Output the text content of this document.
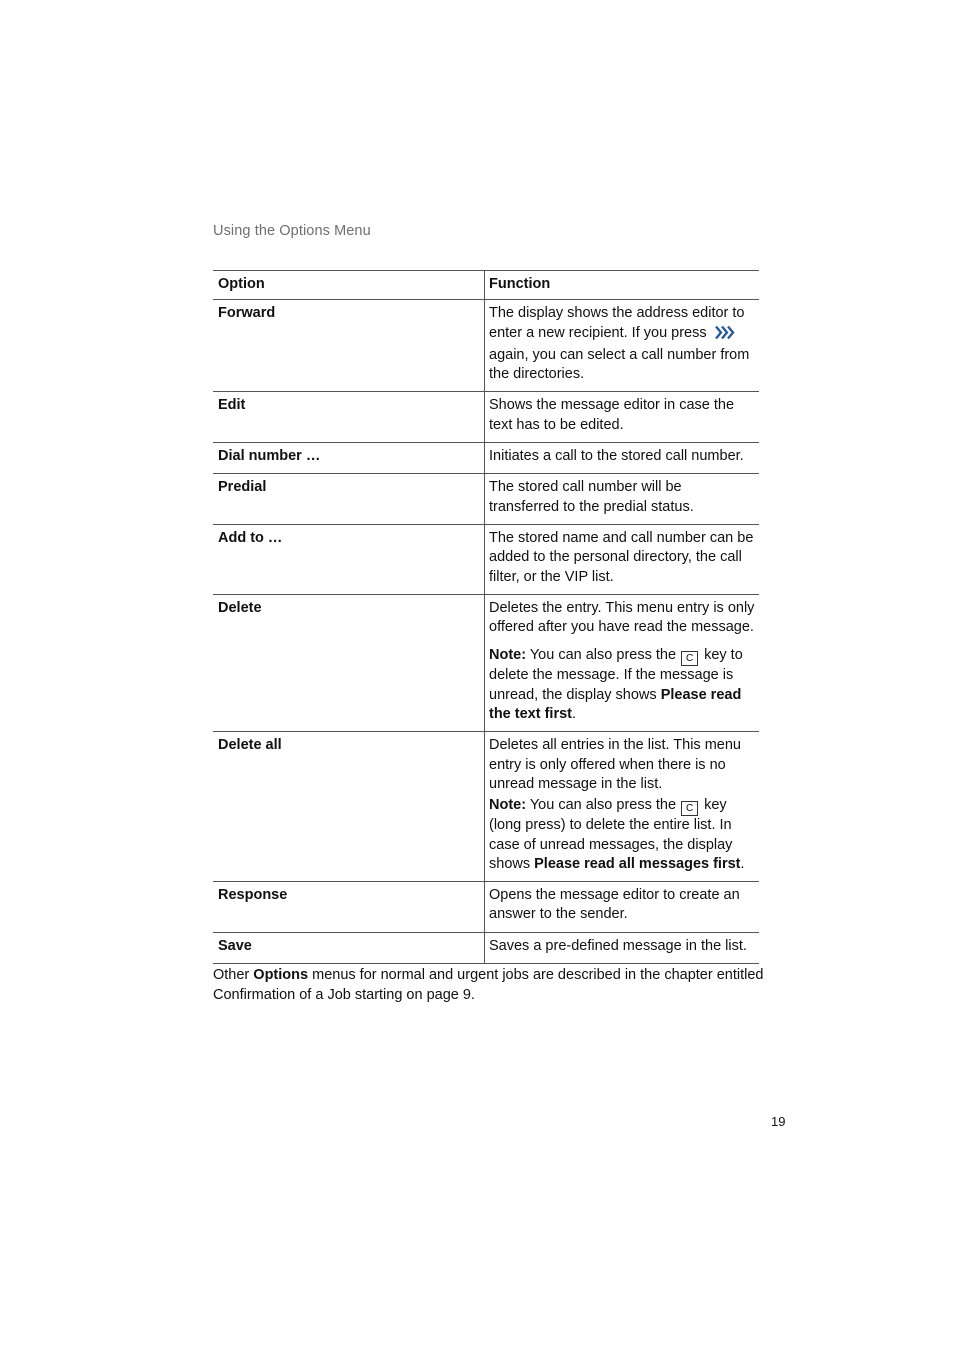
Using the Options Menu
Option	Function
Forward	The display shows the address editor to enter a new recipient. If you press  again, you can select a call number from the directories.
Edit	Shows the message editor in case the text has to be edited.
Dial number …	Initiates a call to the stored call number.
Predial	The stored call number will be transferred to the predial status.
Add to …	The stored name and call number can be added to the personal directory, the call filter, or the VIP list.
Delete	Deletes the entry. This menu entry is only offered after you have read the message.
Note: You can also press the C key to delete the message. If the message is unread, the display shows Please read the text first.

Delete all	Deletes all entries in the list. This menu entry is only offered when there is no unread message in the list.
Note: You can also press the C key (long press) to delete the entire list. In case of unread messages, the display shows Please read all messages first.

Response	Opens the message editor to create an answer to the sender.
Save	Saves a pre-defined message in the list.
Other Options menus for normal and urgent jobs are described in the chapter entitled Confirmation of a Job starting on page 9.
19
